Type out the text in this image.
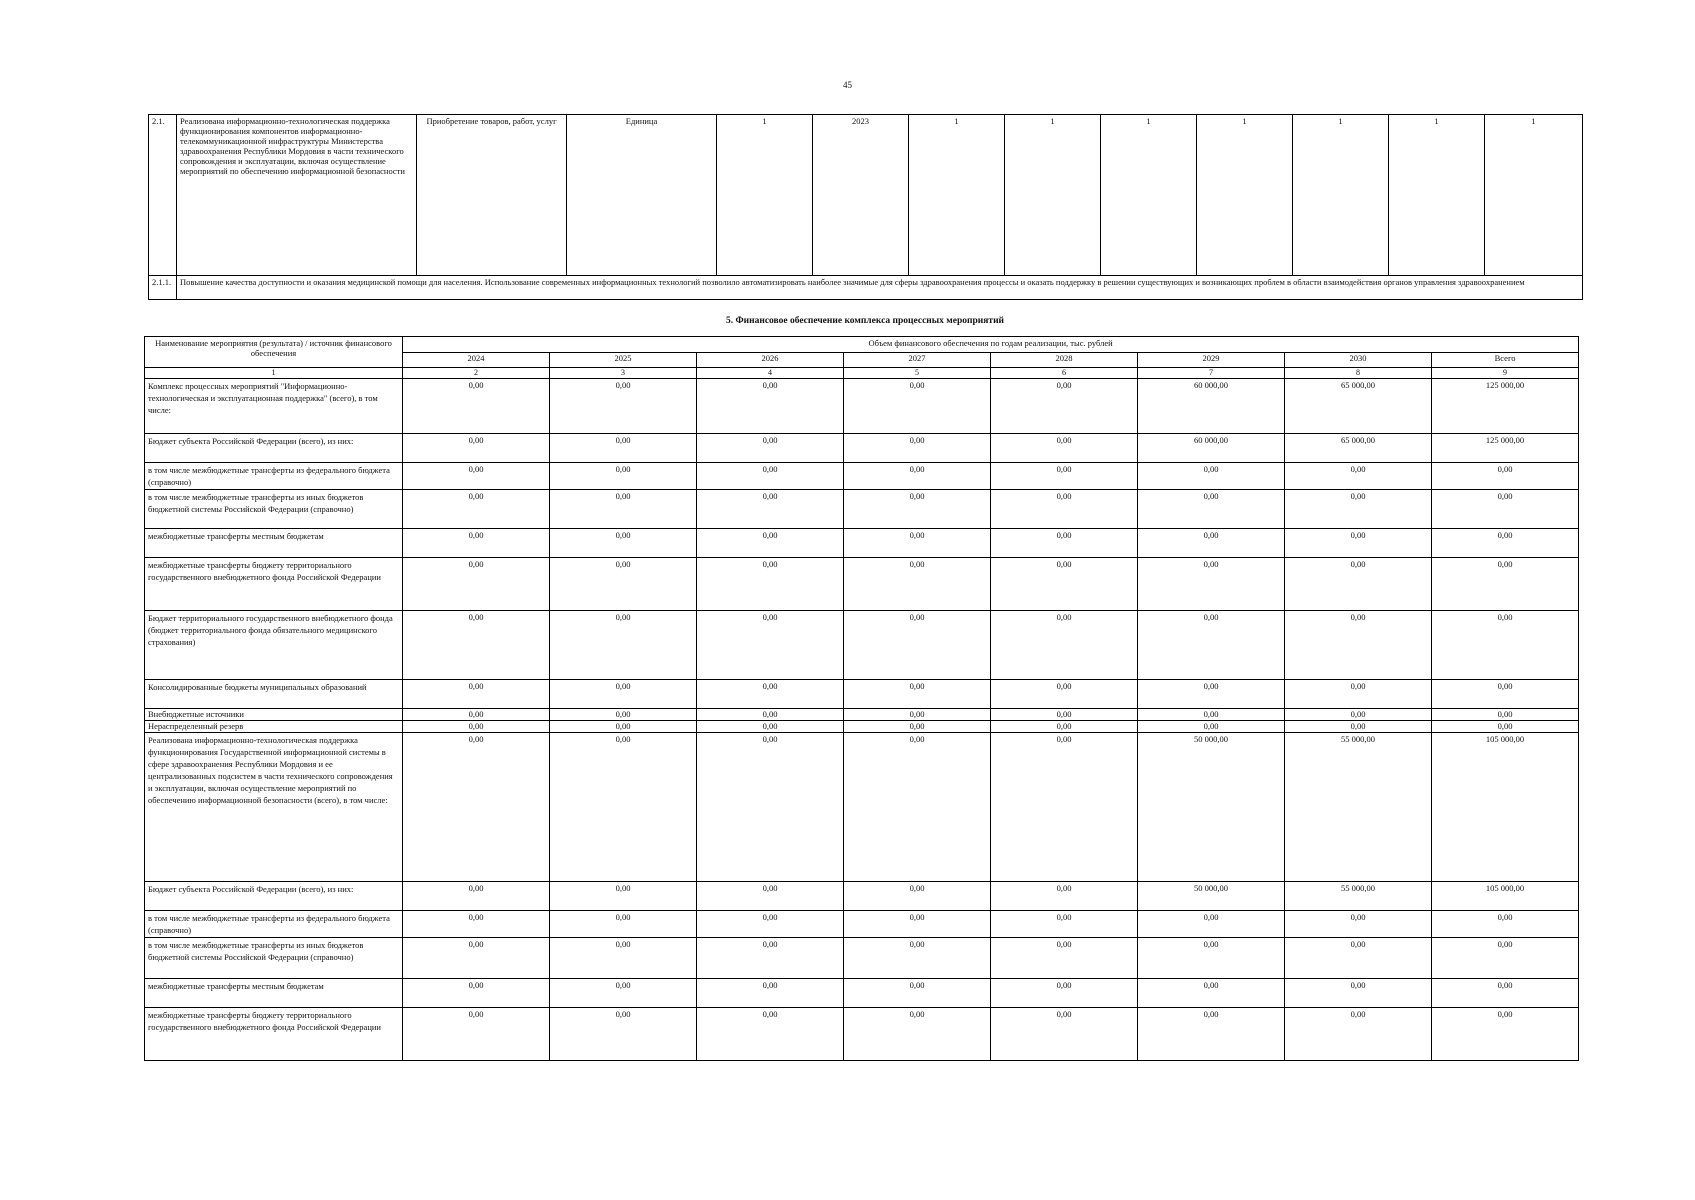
45
2.1.	Реализована информационно-технологическая поддержка функционирования компонентов информационно-телекоммуникационной инфраструктуры Министерства здравоохранения Республики Мордовия в части технического сопровождения и эксплуатации, включая осуществление мероприятий по обеспечению информационной безопасности	Приобретение товаров, работ, услуг	Единица	1	2023	1	1	1	1	1	1	1
2.1.1.	Повышение качества доступности и оказания медицинской помощи для населения. Использование современных информационных технологий позволило автоматизировать наиболее значимые для сферы здравоохранения процессы и оказать поддержку в решении существующих и возникающих проблем в области взаимодействия органов управления здравоохранением											
5. Финансовое обеспечение комплекса процессных мероприятий
Наименование мероприятия (результата) / источник финансового обеспечения	Объем финансового обеспечения по годам реализации, тыс. рублей							
	2024	2025	2026	2027	2028	2029	2030	Всего
1	2	3	4	5	6	7	8	9
Комплекс процессных мероприятий "Информационно-технологическая и эксплуатационная поддержка" (всего), в том числе:	0,00	0,00	0,00	0,00	0,00	60 000,00	65 000,00	125 000,00
Бюджет субъекта Российской Федерации (всего), из них:	0,00	0,00	0,00	0,00	0,00	60 000,00	65 000,00	125 000,00
в том числе межбюджетные трансферты из федерального бюджета (справочно)	0,00	0,00	0,00	0,00	0,00	0,00	0,00	0,00
в том числе межбюджетные трансферты из иных бюджетов бюджетной системы Российской Федерации (справочно)	0,00	0,00	0,00	0,00	0,00	0,00	0,00	0,00
межбюджетные трансферты местным бюджетам	0,00	0,00	0,00	0,00	0,00	0,00	0,00	0,00
межбюджетные трансферты бюджету территориального государственного внебюджетного фонда Российской Федерации	0,00	0,00	0,00	0,00	0,00	0,00	0,00	0,00
Бюджет территориального государственного внебюджетного фонда (бюджет территориального фонда обязательного медицинского страхования)	0,00	0,00	0,00	0,00	0,00	0,00	0,00	0,00
Консолидированные бюджеты муниципальных образований	0,00	0,00	0,00	0,00	0,00	0,00	0,00	0,00
Внебюджетные источники	0,00	0,00	0,00	0,00	0,00	0,00	0,00	0,00
Нераспределенный резерв	0,00	0,00	0,00	0,00	0,00	0,00	0,00	0,00
Реализована информационно-технологическая поддержка функционирования Государственной информационной системы в сфере здравоохранения Республики Мордовия и ее централизованных подсистем в части технического сопровождения и эксплуатации, включая осуществление мероприятий по обеспечению информационной безопасности (всего), в том числе:	0,00	0,00	0,00	0,00	0,00	50 000,00	55 000,00	105 000,00
Бюджет субъекта Российской Федерации (всего), из них:	0,00	0,00	0,00	0,00	0,00	50 000,00	55 000,00	105 000,00
в том числе межбюджетные трансферты из федерального бюджета (справочно)	0,00	0,00	0,00	0,00	0,00	0,00	0,00	0,00
в том числе межбюджетные трансферты из иных бюджетов бюджетной системы Российской Федерации (справочно)	0,00	0,00	0,00	0,00	0,00	0,00	0,00	0,00
межбюджетные трансферты местным бюджетам	0,00	0,00	0,00	0,00	0,00	0,00	0,00	0,00
межбюджетные трансферты бюджету территориального государственного внебюджетного фонда Российской Федерации	0,00	0,00	0,00	0,00	0,00	0,00	0,00	0,00
